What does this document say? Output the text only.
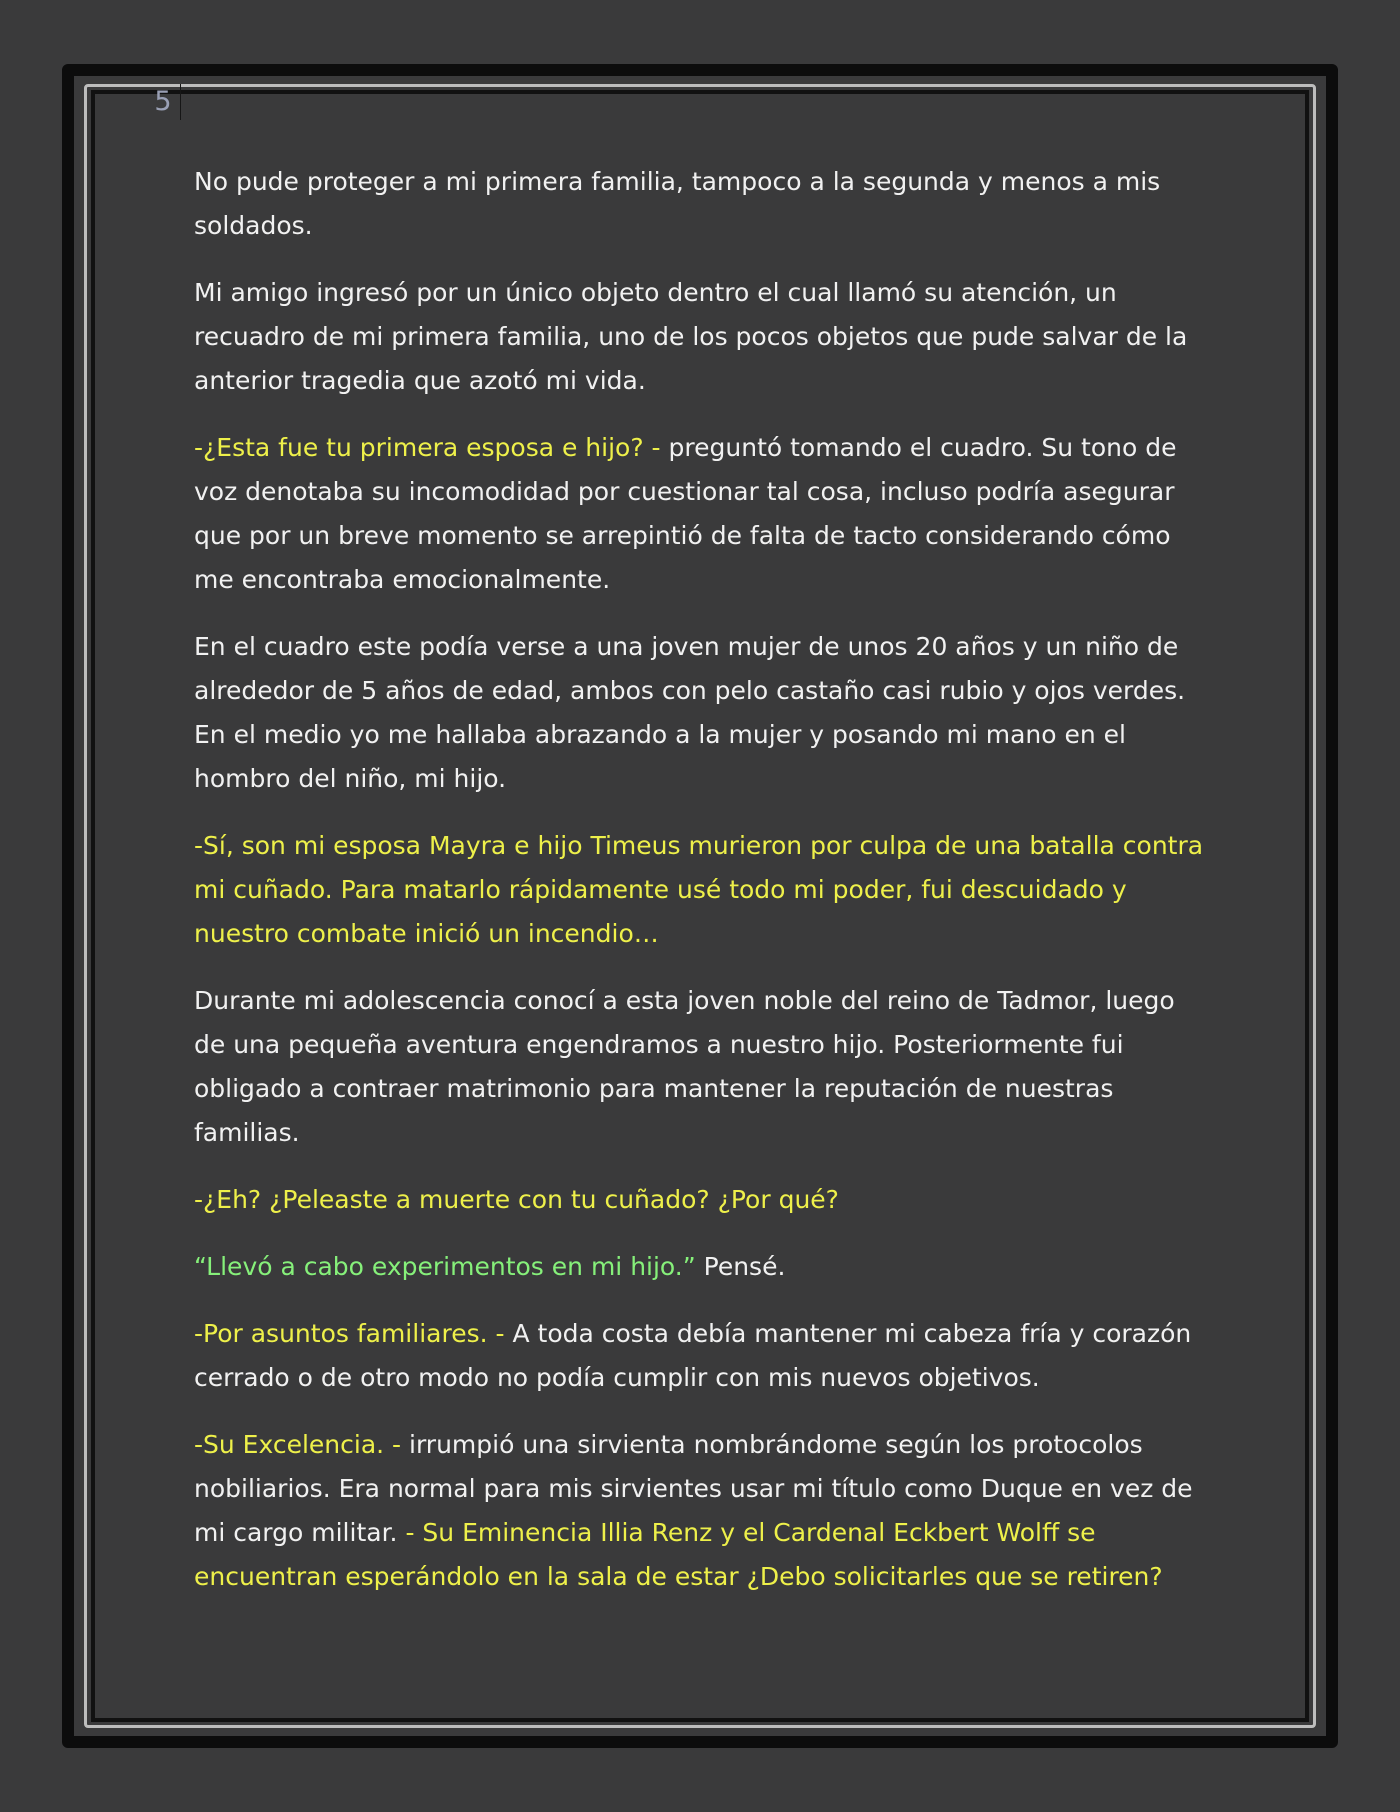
5

No pude proteger a mi primera familia, tampoco a la segunda y menos a mis soldados.

Mi amigo ingresó por un único objeto dentro el cual llamó su atención, un recuadro de mi primera familia, uno de los pocos objetos que pude salvar de la anterior tragedia que azotó mi vida.

-¿Esta fue tu primera esposa e hijo? - preguntó tomando el cuadro. Su tono de voz denotaba su incomodidad por cuestionar tal cosa, incluso podría asegurar que por un breve momento se arrepintió de falta de tacto considerando cómo me encontraba emocionalmente.

En el cuadro este podía verse a una joven mujer de unos 20 años y un niño de alrededor de 5 años de edad, ambos con pelo castaño casi rubio y ojos verdes. En el medio yo me hallaba abrazando a la mujer y posando mi mano en el hombro del niño, mi hijo.

-Sí, son mi esposa Mayra e hijo Timeus murieron por culpa de una batalla contra mi cuñado. Para matarlo rápidamente usé todo mi poder, fui descuidado y nuestro combate inició un incendio…

Durante mi adolescencia conocí a esta joven noble del reino de Tadmor, luego de una pequeña aventura engendramos a nuestro hijo. Posteriormente fui obligado a contraer matrimonio para mantener la reputación de nuestras familias.

-¿Eh? ¿Peleaste a muerte con tu cuñado? ¿Por qué?

“Llevó a cabo experimentos en mi hijo.” Pensé.

-Por asuntos familiares. - A toda costa debía mantener mi cabeza fría y corazón cerrado o de otro modo no podía cumplir con mis nuevos objetivos.

-Su Excelencia. - irrumpió una sirvienta nombrándome según los protocolos nobiliarios. Era normal para mis sirvientes usar mi título como Duque en vez de mi cargo militar. - Su Eminencia Illia Renz y el Cardenal Eckbert Wolff se encuentran esperándolo en la sala de estar ¿Debo solicitarles que se retiren?
